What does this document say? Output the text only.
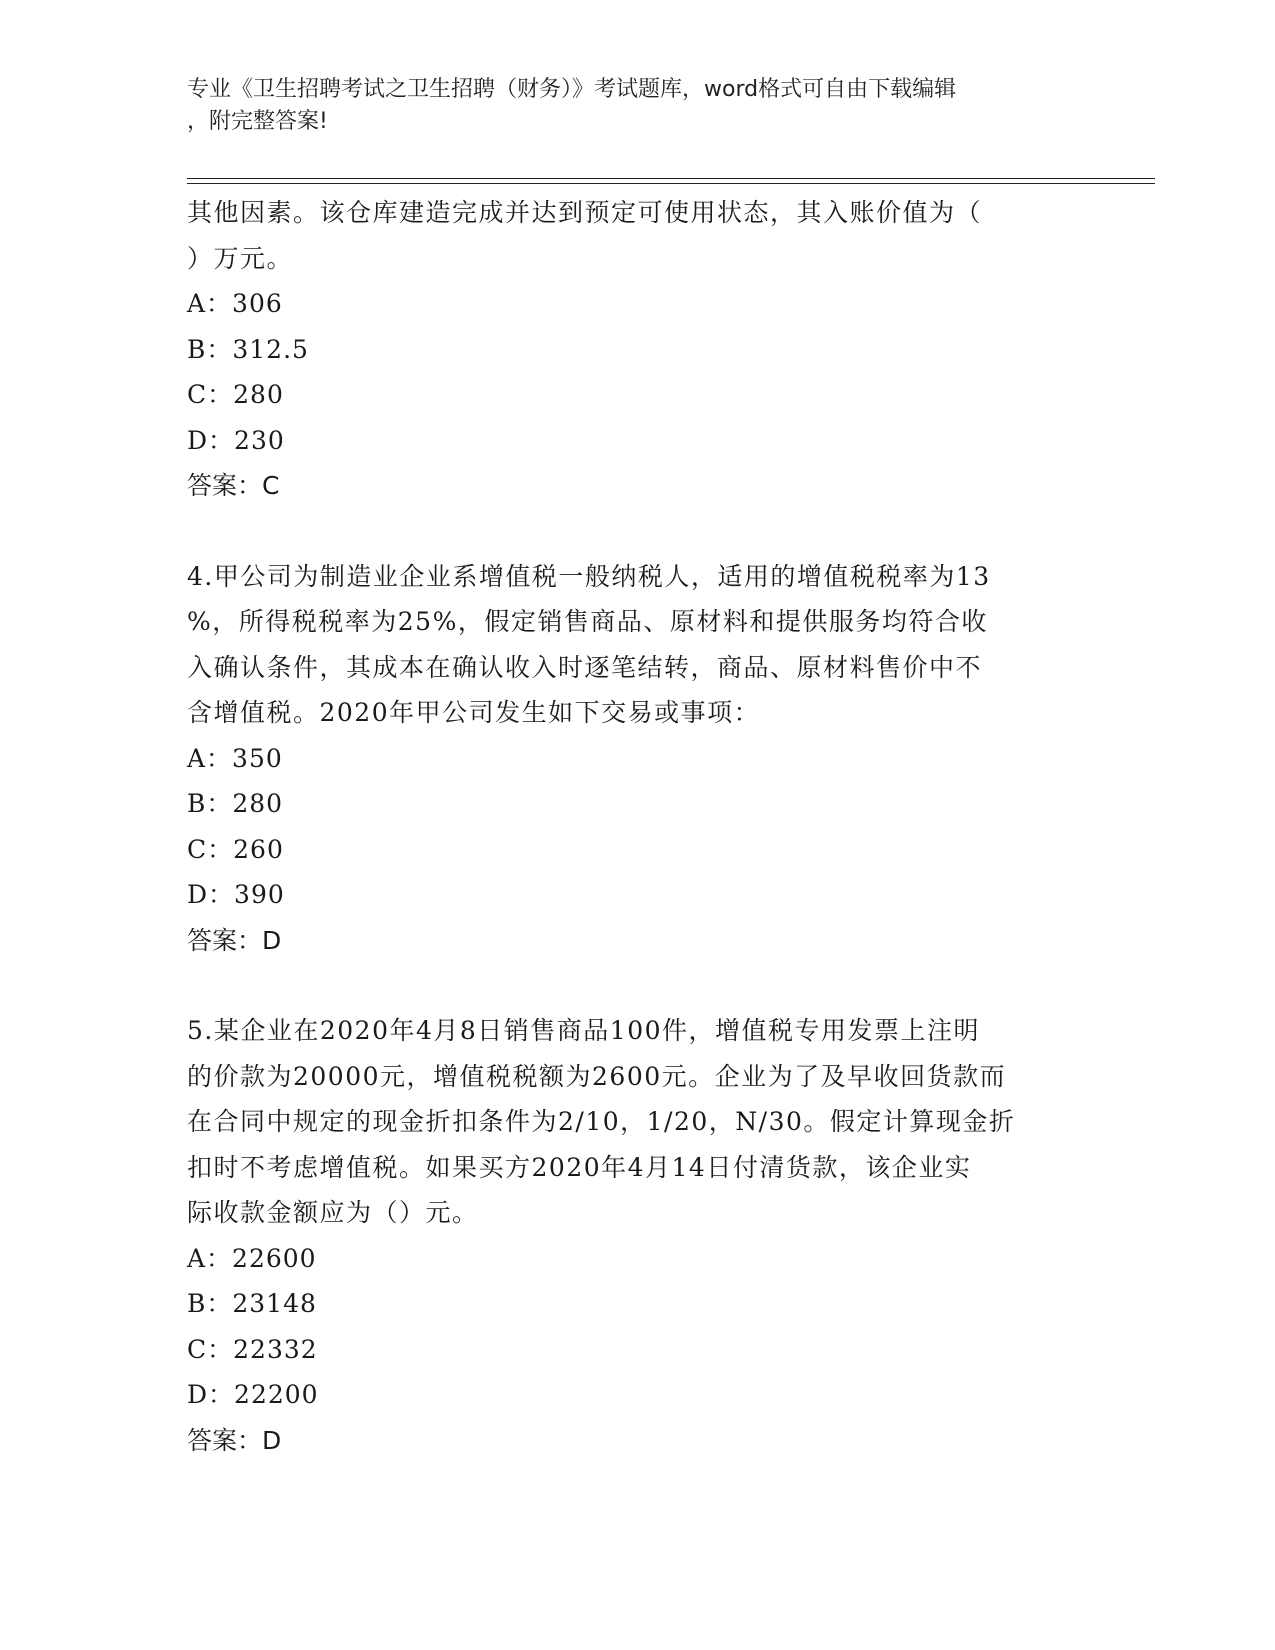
专业《卫生招聘考试之卫生招聘（财务）》考试题库，word格式可自由下载编辑
，附完整答案!

其他因素。该仓库建造完成并达到预定可使用状态，其入账价值为（

）万元。

A：306

B：312.5

C：280

D：230

答案：C

4.甲公司为制造业企业系增值税一般纳税人，适用的增值税税率为13

%，所得税税率为25%，假定销售商品、原材料和提供服务均符合收

入确认条件，其成本在确认收入时逐笔结转，商品、原材料售价中不

含增值税。2020年甲公司发生如下交易或事项：

A：350

B：280

C：260

D：390

答案：D

5.某企业在2020年4月8日销售商品100件，增值税专用发票上注明

的价款为20000元，增值税税额为2600元。企业为了及早收回货款而

在合同中规定的现金折扣条件为2/10，1/20，N/30。假定计算现金折

扣时不考虑增值税。如果买方2020年4月14日付清货款，该企业实

际收款金额应为（）元。

A：22600

B：23148

C：22332

D：22200

答案：D
